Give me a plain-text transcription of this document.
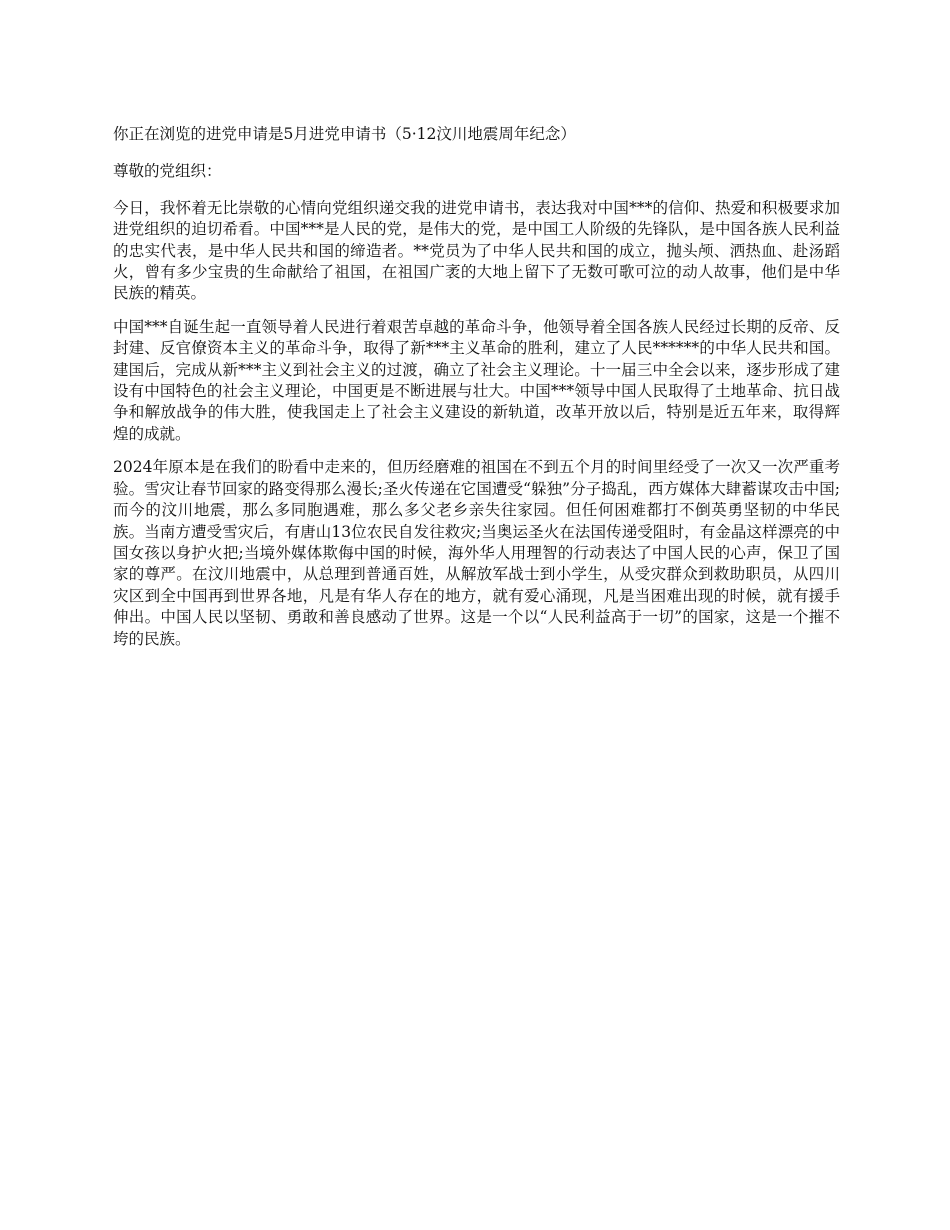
你正在浏览的进党申请是5月进党申请书（5·12汶川地震周年纪念）

尊敬的党组织：

今日，我怀着无比崇敬的心情向党组织递交我的进党申请书，表达我对中国***的信仰、热爱和积极要求加进党组织的迫切希看。中国***是人民的党，是伟大的党，是中国工人阶级的先锋队，是中国各族人民利益的忠实代表，是中华人民共和国的缔造者。**党员为了中华人民共和国的成立，抛头颅、洒热血、赴汤蹈火，曾有多少宝贵的生命献给了祖国，在祖国广袤的大地上留下了无数可歌可泣的动人故事，他们是中华民族的精英。

中国***自诞生起一直领导着人民进行着艰苦卓越的革命斗争，他领导着全国各族人民经过长期的反帝、反封建、反官僚资本主义的革命斗争，取得了新***主义革命的胜利，建立了人民******的中华人民共和国。建国后，完成从新***主义到社会主义的过渡，确立了社会主义理论。十一届三中全会以来，逐步形成了建设有中国特色的社会主义理论，中国更是不断进展与壮大。中国***领导中国人民取得了土地革命、抗日战争和解放战争的伟大胜，使我国走上了社会主义建设的新轨道，改革开放以后，特别是近五年来，取得辉煌的成就。

2024年原本是在我们的盼看中走来的，但历经磨难的祖国在不到五个月的时间里经受了一次又一次严重考验。雪灾让春节回家的路变得那么漫长;圣火传递在它国遭受“躲独”分子捣乱，西方媒体大肆蓄谋攻击中国;而今的汶川地震，那么多同胞遇难，那么多父老乡亲失往家园。但任何困难都打不倒英勇坚韧的中华民族。当南方遭受雪灾后，有唐山13位农民自发往救灾;当奥运圣火在法国传递受阻时，有金晶这样漂亮的中国女孩以身护火把;当境外媒体欺侮中国的时候，海外华人用理智的行动表达了中国人民的心声，保卫了国家的尊严。在汶川地震中，从总理到普通百姓，从解放军战士到小学生，从受灾群众到救助职员，从四川灾区到全中国再到世界各地，凡是有华人存在的地方，就有爱心涌现，凡是当困难出现的时候，就有援手伸出。中国人民以坚韧、勇敢和善良感动了世界。这是一个以“人民利益高于一切”的国家，这是一个摧不垮的民族。
